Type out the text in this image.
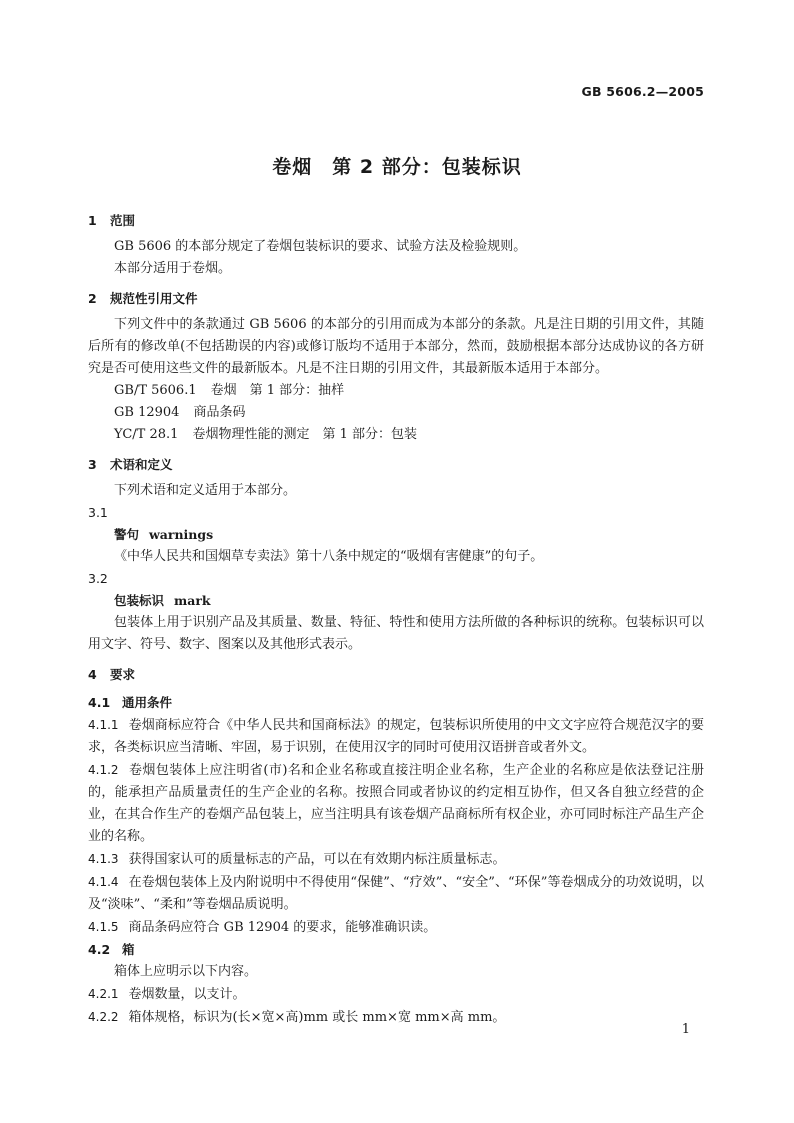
GB 5606.2—2005
卷烟　第 2 部分：包装标识

1 范围

GB 5606 的本部分规定了卷烟包装标识的要求、试验方法及检验规则。

本部分适用于卷烟。

2 规范性引用文件

下列文件中的条款通过 GB 5606 的本部分的引用而成为本部分的条款。凡是注日期的引用文件，其随后所有的修改单(不包括勘误的内容)或修订版均不适用于本部分，然而，鼓励根据本部分达成协议的各方研究是否可使用这些文件的最新版本。凡是不注日期的引用文件，其最新版本适用于本部分。

GB/T 5606.1 卷烟　第 1 部分：抽样

GB 12904 商品条码

YC/T 28.1 卷烟物理性能的测定　第 1 部分：包装

3 术语和定义

下列术语和定义适用于本部分。

3.1

警句 warnings

《中华人民共和国烟草专卖法》第十八条中规定的“吸烟有害健康”的句子。

3.2

包装标识 mark

包装体上用于识别产品及其质量、数量、特征、特性和使用方法所做的各种标识的统称。包装标识可以用文字、符号、数字、图案以及其他形式表示。

4 要求

4.1 通用条件

4.1.1 卷烟商标应符合《中华人民共和国商标法》的规定，包装标识所使用的中文文字应符合规范汉字的要求，各类标识应当清晰、牢固，易于识别，在使用汉字的同时可使用汉语拼音或者外文。

4.1.2 卷烟包装体上应注明省(市)名和企业名称或直接注明企业名称，生产企业的名称应是依法登记注册的，能承担产品质量责任的生产企业的名称。按照合同或者协议的约定相互协作，但又各自独立经营的企业，在其合作生产的卷烟产品包装上，应当注明具有该卷烟产品商标所有权企业，亦可同时标注产品生产企业的名称。

4.1.3 获得国家认可的质量标志的产品，可以在有效期内标注质量标志。

4.1.4 在卷烟包装体上及内附说明中不得使用“保健”、“疗效”、“安全”、“环保”等卷烟成分的功效说明，以及“淡味”、“柔和”等卷烟品质说明。

4.1.5 商品条码应符合 GB 12904 的要求，能够准确识读。

4.2 箱

箱体上应明示以下内容。

4.2.1 卷烟数量，以支计。

4.2.2 箱体规格，标识为(长×宽×高)mm 或长 mm×宽 mm×高 mm。

1
